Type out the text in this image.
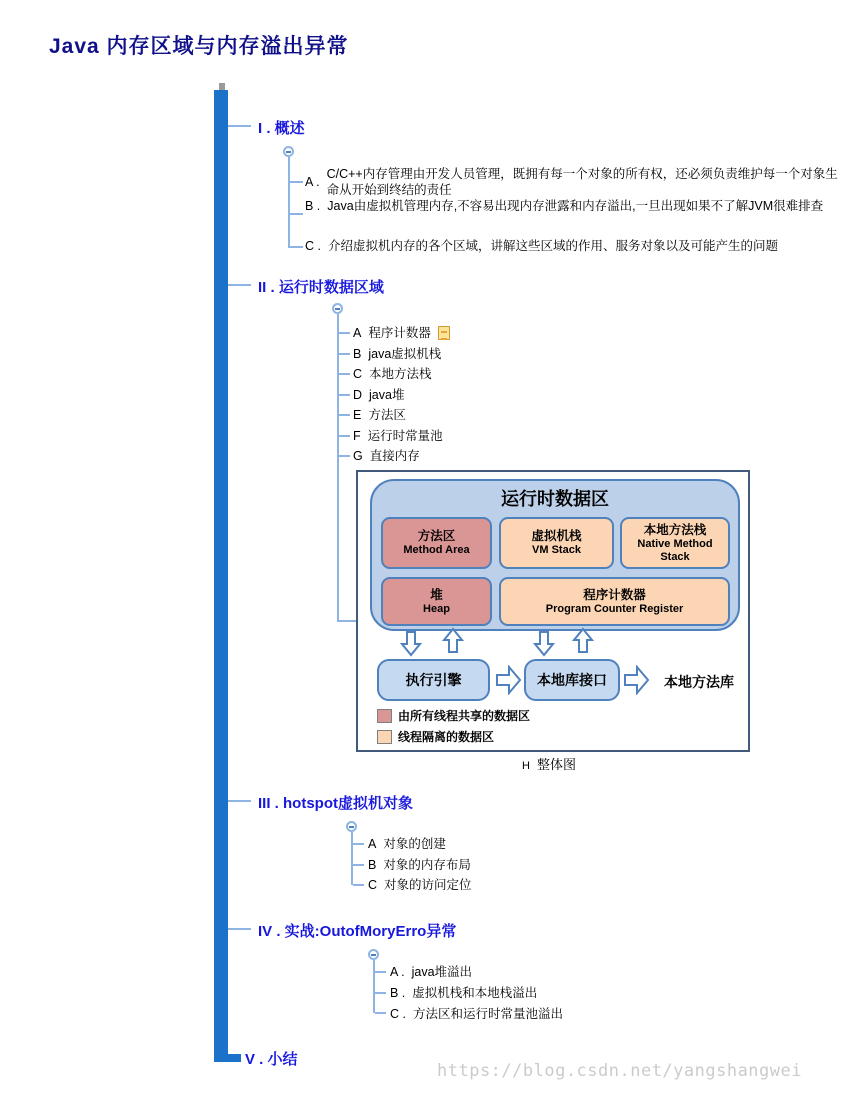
Java 内存区域与内存溢出异常
I . 概述
A .
C/C++内存管理由开发人员管理，既拥有每一个对象的所有权，还必须负责维护每一个对象生命从开始到终结的责任
B . Java由虚拟机管理内存,不容易出现内存泄露和内存溢出,一旦出现如果不了解JVM很难排查
C . 介绍虚拟机内存的各个区域，讲解这些区域的作用、服务对象以及可能产生的问题
II . 运行时数据区域
A 程序计数器
B java虚拟机栈
C 本地方法栈
D java堆
E 方法区
F 运行时常量池
G 直接内存
运行时数据区
方法区
Method Area
虚拟机栈
VM Stack
本地方法栈
Native Method Stack
堆
Heap
程序计数器
Program Counter Register
执行引擎	本地库接口	本地方法库
由所有线程共享的数据区
线程隔离的数据区
H 整体图
III . hotspot虚拟机对象
A 对象的创建
B 对象的内存布局
C 对象的访问定位
IV . 实战:OutofMoryErro异常
A . java堆溢出
B . 虚拟机栈和本地栈溢出
C . 方法区和运行时常量池溢出
V . 小结
https://blog.csdn.net/yangshangwei
